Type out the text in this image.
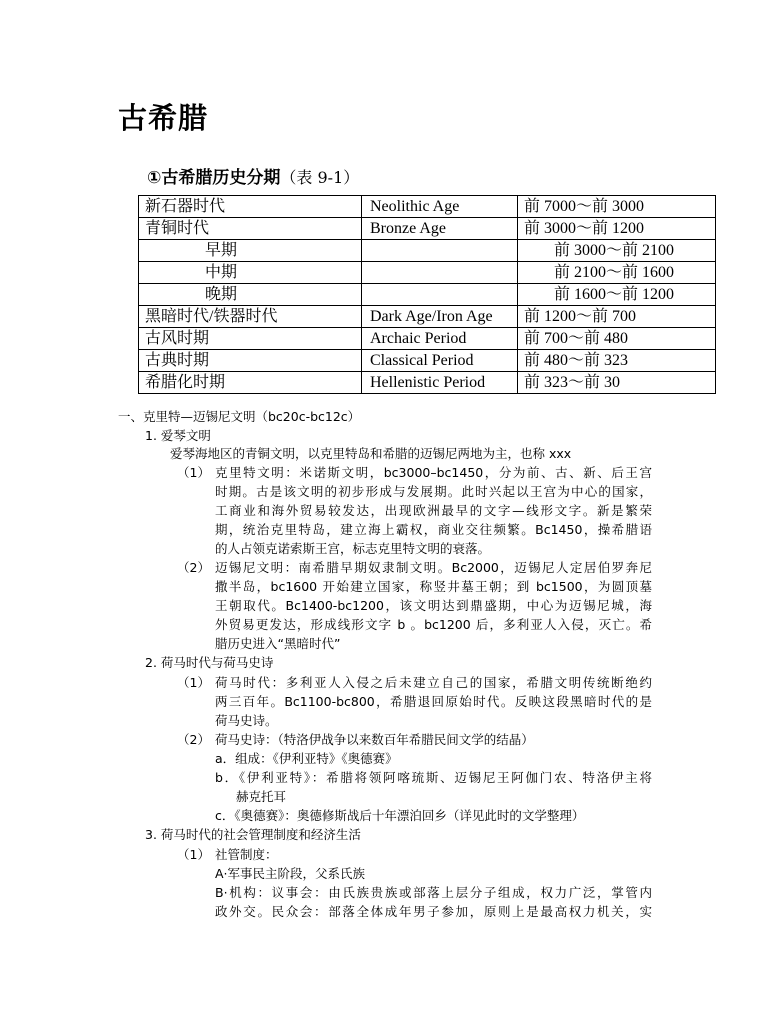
古希腊
①古希腊历史分期（表 9-1）
新石器时代	Neolithic Age	前 7000～前 3000
青铜时代	Bronze Age	前 3000～前 1200
早期		前 3000～前 2100
中期		前 2100～前 1600
晚期		前 1600～前 1200
黑暗时代/铁器时代	Dark Age/Iron Age	前 1200～前 700
古风时期	Archaic Period	前 700～前 480
古典时期	Classical Period	前 480～前 323
希腊化时期	Hellenistic Period	前 323～前 30
一、克里特—迈锡尼文明（bc20c-bc12c）
1. 爱琴文明
爱琴海地区的青铜文明，以克里特岛和希腊的迈锡尼两地为主，也称 xxx
（1） 克里特文明：米诺斯文明，bc3000–bc1450，分为前、古、新、后王宫
时期。古是该文明的初步形成与发展期。此时兴起以王宫为中心的国家，
工商业和海外贸易较发达，出现欧洲最早的文字—线形文字。新是繁荣
期，统治克里特岛，建立海上霸权，商业交往频繁。Bc1450，操希腊语
的人占领克诺索斯王宫，标志克里特文明的衰落。
（2） 迈锡尼文明：南希腊早期奴隶制文明。Bc2000，迈锡尼人定居伯罗奔尼
撒半岛，bc1600 开始建立国家，称竖井墓王朝；到 bc1500，为圆顶墓
王朝取代。Bc1400-bc1200，该文明达到鼎盛期，中心为迈锡尼城，海
外贸易更发达，形成线形文字 b 。bc1200 后，多利亚人入侵，灭亡。希
腊历史进入“黑暗时代”
2. 荷马时代与荷马史诗
（1） 荷马时代：多利亚人入侵之后未建立自己的国家，希腊文明传统断绝约
两三百年。Bc1100-bc800，希腊退回原始时代。反映这段黑暗时代的是
荷马史诗。
（2） 荷马史诗：（特洛伊战争以来数百年希腊民间文学的结晶）
a．组成：《伊利亚特》《奥德赛》
b．《伊利亚特》：希腊将领阿喀琉斯、迈锡尼王阿伽门农、特洛伊主将
赫克托耳
c．《奥德赛》：奥德修斯战后十年漂泊回乡（详见此时的文学整理）
3. 荷马时代的社会管理制度和经济生活
（1） 社管制度：
A·军事民主阶段，父系氏族
B·机构：议事会：由氏族贵族或部落上层分子组成，权力广泛，掌管内
政外交。民众会：部落全体成年男子参加，原则上是最高权力机关，实
